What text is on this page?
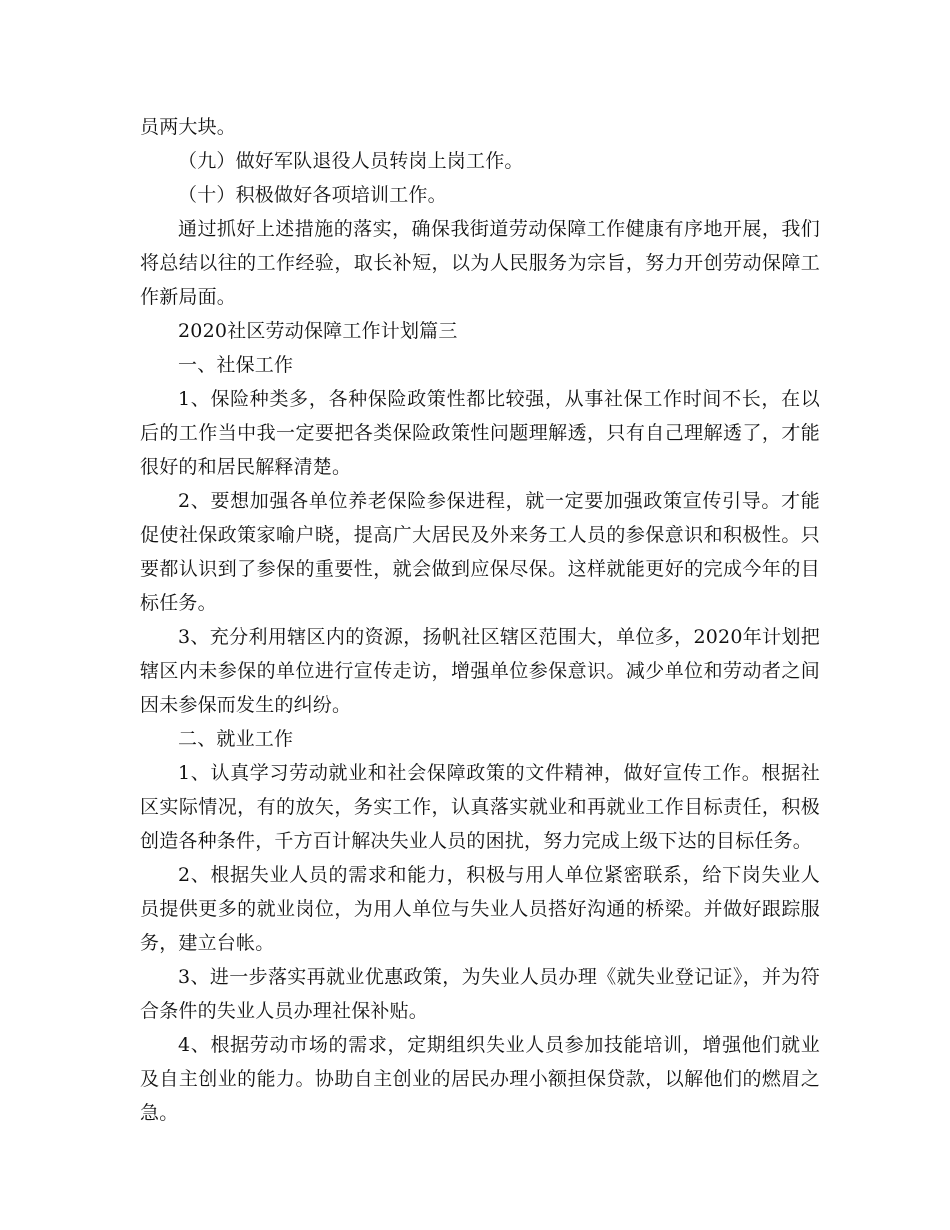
员两大块。

（九）做好军队退役人员转岗上岗工作。

（十）积极做好各项培训工作。

通过抓好上述措施的落实，确保我街道劳动保障工作健康有序地开展，我们将总结以往的工作经验，取长补短，以为人民服务为宗旨，努力开创劳动保障工作新局面。

2020社区劳动保障工作计划篇三

一、社保工作

1、保险种类多，各种保险政策性都比较强，从事社保工作时间不长，在以后的工作当中我一定要把各类保险政策性问题理解透，只有自己理解透了，才能很好的和居民解释清楚。

2、要想加强各单位养老保险参保进程，就一定要加强政策宣传引导。才能促使社保政策家喻户晓，提高广大居民及外来务工人员的参保意识和积极性。只要都认识到了参保的重要性，就会做到应保尽保。这样就能更好的完成今年的目标任务。

3、充分利用辖区内的资源，扬帆社区辖区范围大，单位多，2020年计划把辖区内未参保的单位进行宣传走访，增强单位参保意识。减少单位和劳动者之间因未参保而发生的纠纷。

二、就业工作

1、认真学习劳动就业和社会保障政策的文件精神，做好宣传工作。根据社区实际情况，有的放矢，务实工作，认真落实就业和再就业工作目标责任，积极创造各种条件，千方百计解决失业人员的困扰，努力完成上级下达的目标任务。

2、根据失业人员的需求和能力，积极与用人单位紧密联系，给下岗失业人员提供更多的就业岗位，为用人单位与失业人员搭好沟通的桥梁。并做好跟踪服务，建立台帐。

3、进一步落实再就业优惠政策，为失业人员办理《就失业登记证》，并为符合条件的失业人员办理社保补贴。

4、根据劳动市场的需求，定期组织失业人员参加技能培训，增强他们就业及自主创业的能力。协助自主创业的居民办理小额担保贷款，以解他们的燃眉之急。
